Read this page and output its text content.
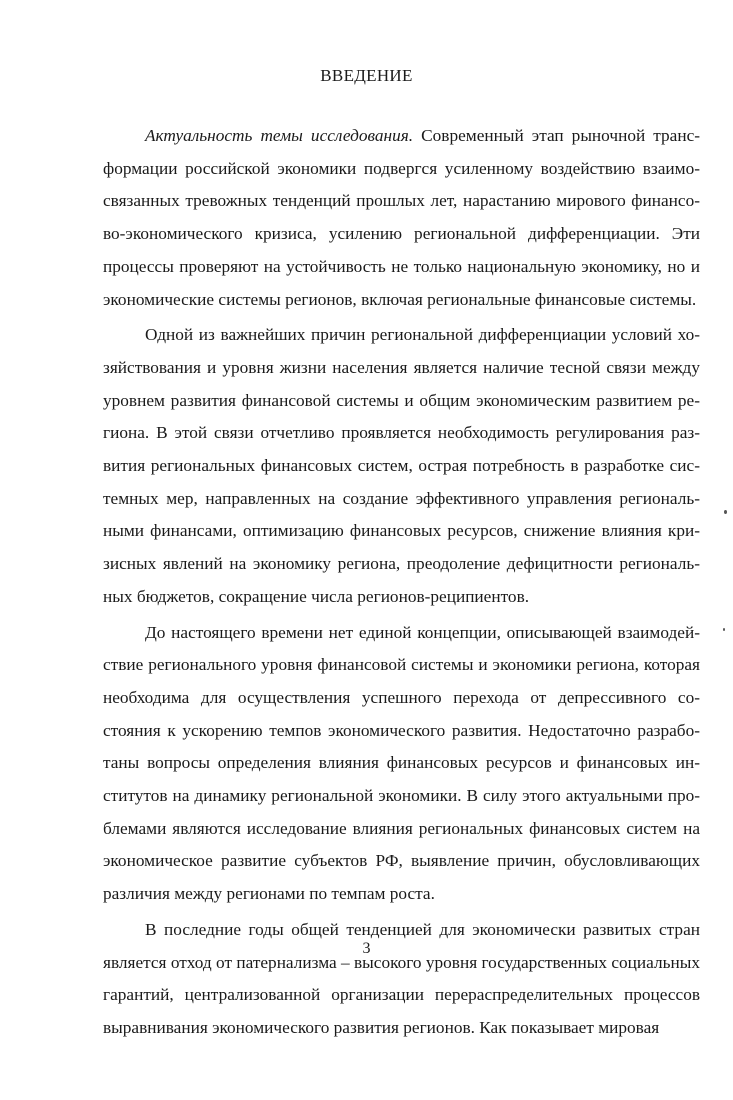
ВВЕДЕНИЕ

Актуальность темы исследования. Современный этап рыночной трансформации российской экономики подвергся усиленному воздействию взаимосвязанных тревожных тенденций прошлых лет, нарастанию мирового финансово-экономического кризиса, усилению региональной дифференциации. Эти процессы проверяют на устойчивость не только национальную экономику, но и экономические системы регионов, включая региональные финансовые системы.

Одной из важнейших причин региональной дифференциации условий хозяйствования и уровня жизни населения является наличие тесной связи между уровнем развития финансовой системы и общим экономическим развитием региона. В этой связи отчетливо проявляется необходимость регулирования развития региональных финансовых систем, острая потребность в разработке системных мер, направленных на создание эффективного управления региональными финансами, оптимизацию финансовых ресурсов, снижение влияния кризисных явлений на экономику региона, преодоление дефицитности региональных бюджетов, сокращение числа регионов-реципиентов.

До настоящего времени нет единой концепции, описывающей взаимодействие регионального уровня финансовой системы и экономики региона, которая необходима для осуществления успешного перехода от депрессивного состояния к ускорению темпов экономического развития. Недостаточно разработаны вопросы определения влияния финансовых ресурсов и финансовых институтов на динамику региональной экономики. В силу этого актуальными проблемами являются исследование влияния региональных финансовых систем на экономическое развитие субъектов РФ, выявление причин, обусловливающих различия между регионами по темпам роста.

В последние годы общей тенденцией для экономически развитых стран является отход от патернализма – высокого уровня государственных социальных гарантий, централизованной организации перераспределительных процессов выравнивания экономического развития регионов. Как показывает мировая

3
